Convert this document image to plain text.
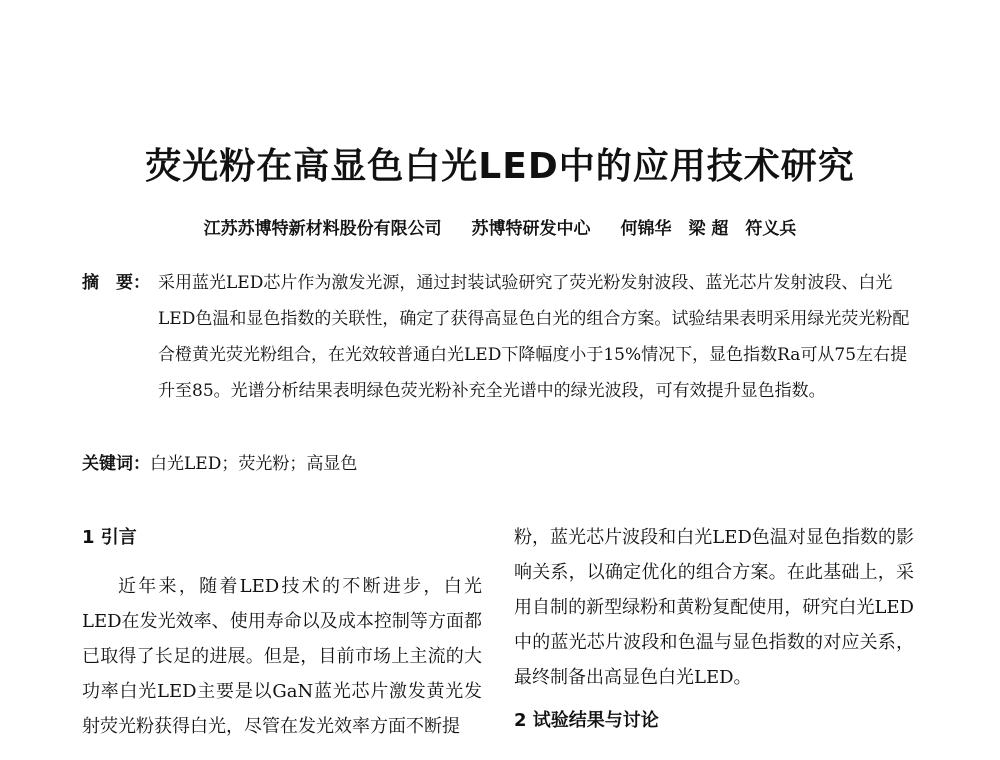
荧光粉在高显色白光LED中的应用技术研究
江苏苏博特新材料股份有限公司 苏博特研发中心 何锦华　梁 超　符义兵
摘　要： 采用蓝光LED芯片作为激发光源，通过封装试验研究了荧光粉发射波段、蓝光芯片发射波段、白光LED色温和显色指数的关联性，确定了获得高显色白光的组合方案。试验结果表明采用绿光荧光粉配合橙黄光荧光粉组合，在光效较普通白光LED下降幅度小于15%情况下，显色指数Ra可从75左右提升至85。光谱分析结果表明绿色荧光粉补充全光谱中的绿光波段，可有效提升显色指数。
关键词：白光LED；荧光粉；高显色
1 引言

近年来，随着LED技术的不断进步，白光LED在发光效率、使用寿命以及成本控制等方面都已取得了长足的进展。但是，目前市场上主流的大功率白光LED主要是以GaN蓝光芯片激发黄光发射荧光粉获得白光，尽管在发光效率方面不断提

粉，蓝光芯片波段和白光LED色温对显色指数的影响关系，以确定优化的组合方案。在此基础上，采用自制的新型绿粉和黄粉复配使用，研究白光LED中的蓝光芯片波段和色温与显色指数的对应关系，最终制备出高显色白光LED。

2 试验结果与讨论
